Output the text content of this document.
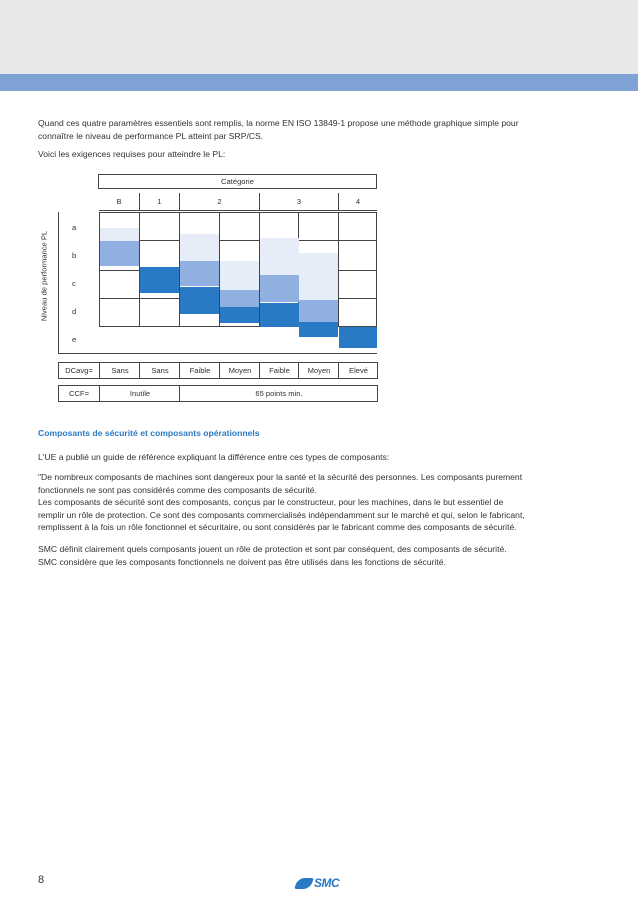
Quand ces quatre paramètres essentiels sont remplis, la norme EN ISO 13849-1 propose une méthode graphique simple pour
connaître le niveau de performance PL atteint par SRP/CS.

Voici les exigences requises pour atteindre le PL:

Catégorie
B	1	2	3	4
Niveau de performance PL
a
b
c
d
e
DCavg=	Sans	Sans	Faible	Moyen	Faible	Moyen	Elevé
CCF=	Inutile	65 points min.

Composants de sécurité et composants opérationnels

L'UE a publié un guide de référence expliquant la différence entre ces types de composants:

"De nombreux composants de machines sont dangereux pour la santé et la sécurité des personnes. Les composants purement
fonctionnels ne sont pas considérés comme des composants de sécurité.
Les composants de sécurité sont des composants, conçus par le constructeur, pour les machines, dans le but essentiel de
remplir un rôle de protection. Ce sont des composants commercialisés indépendamment sur le marché et qui, selon le fabricant,
remplissent à la fois un rôle fonctionnel et sécuritaire, ou sont considérés par le fabricant comme des composants de sécurité.

SMC définit clairement quels composants jouent un rôle de protection et sont par conséquent, des composants de sécurité.
SMC considère que les composants fonctionnels ne doivent pas être utilisés dans les fonctions de sécurité.

8	SMC
